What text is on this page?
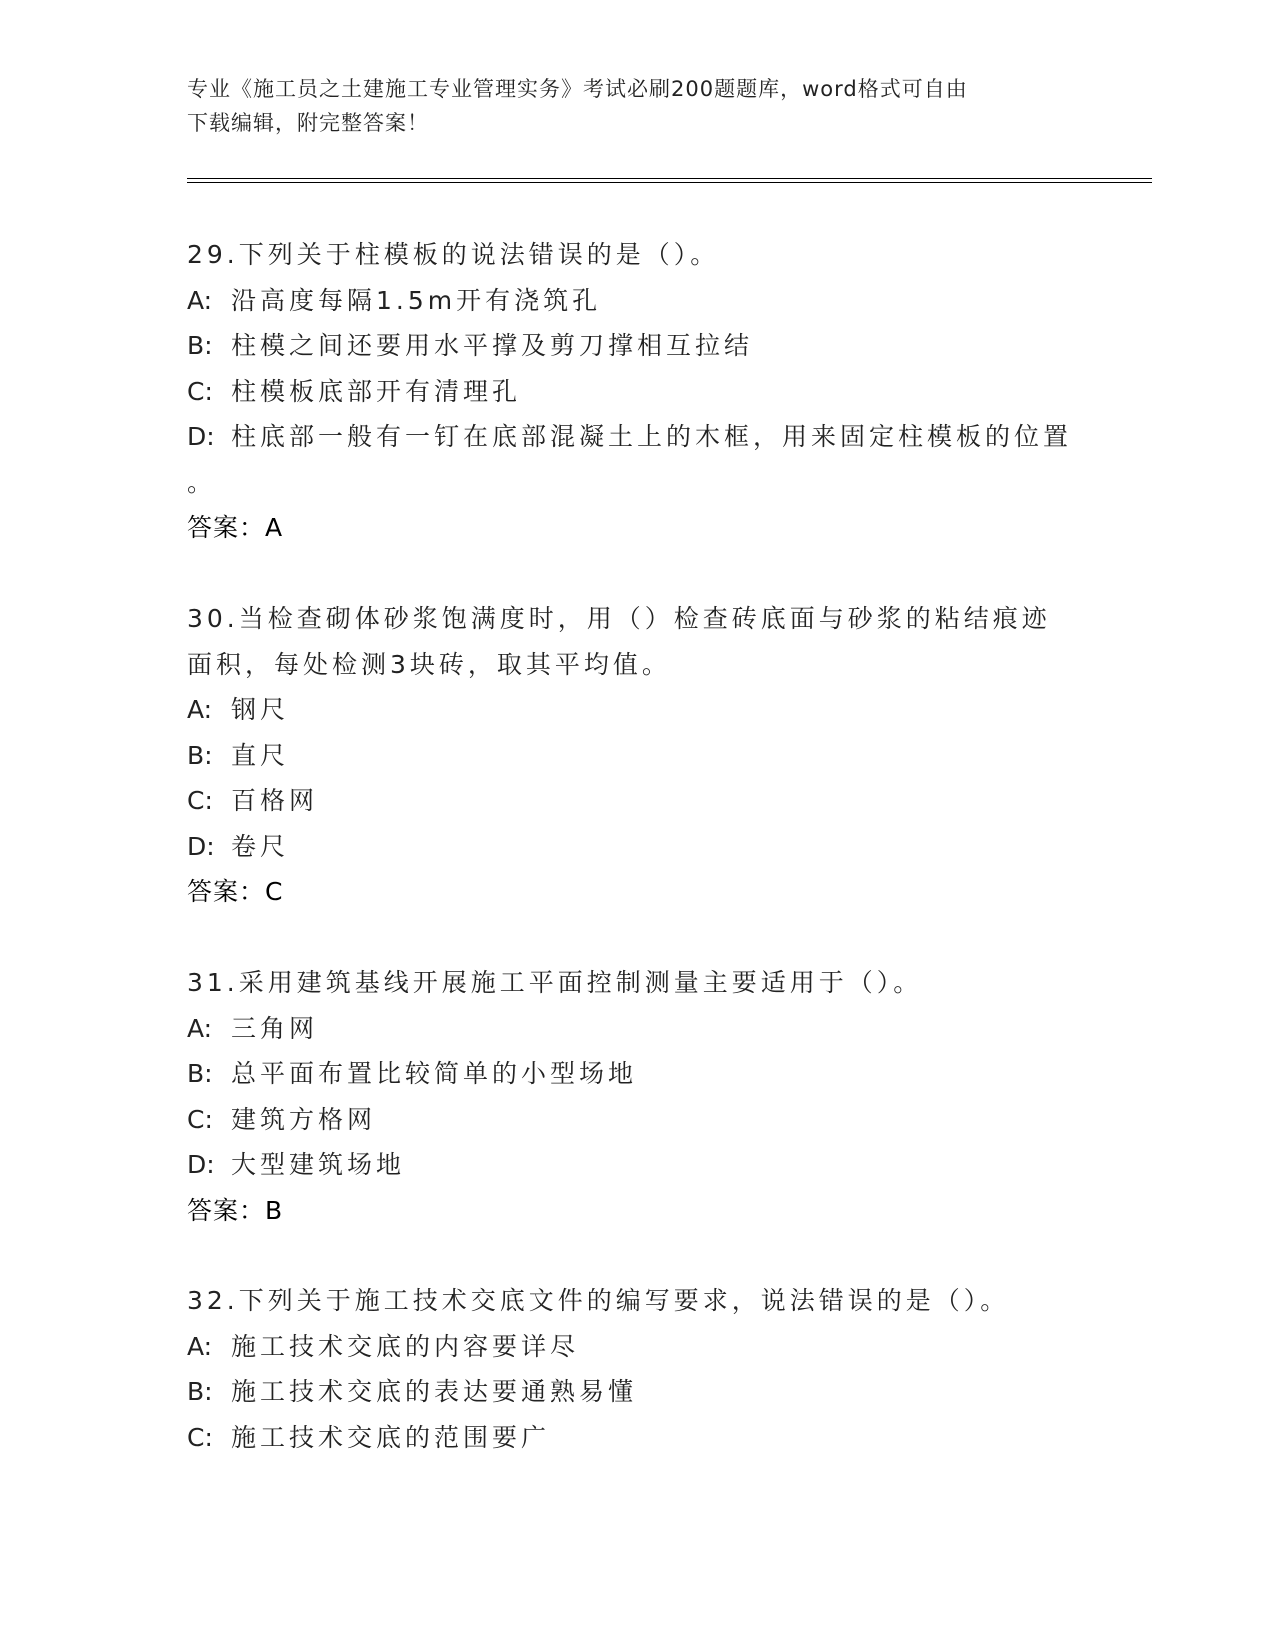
专业《施工员之土建施工专业管理实务》考试必刷200题题库，word格式可自由
下载编辑，附完整答案！
29.下列关于柱模板的说法错误的是（）。
A: 沿高度每隔1.5m开有浇筑孔
B: 柱模之间还要用水平撑及剪刀撑相互拉结
C: 柱模板底部开有清理孔
D: 柱底部一般有一钉在底部混凝土上的木框，用来固定柱模板的位置
。
答案：A
30.当检查砌体砂浆饱满度时，用（）检查砖底面与砂浆的粘结痕迹面积，每处检测3块砖，取其平均值。
A: 钢尺
B: 直尺
C: 百格网
D: 卷尺
答案：C
31.采用建筑基线开展施工平面控制测量主要适用于（）。
A: 三角网
B: 总平面布置比较简单的小型场地
C: 建筑方格网
D: 大型建筑场地
答案：B
32.下列关于施工技术交底文件的编写要求，说法错误的是（）。
A: 施工技术交底的内容要详尽
B: 施工技术交底的表达要通熟易懂
C: 施工技术交底的范围要广
